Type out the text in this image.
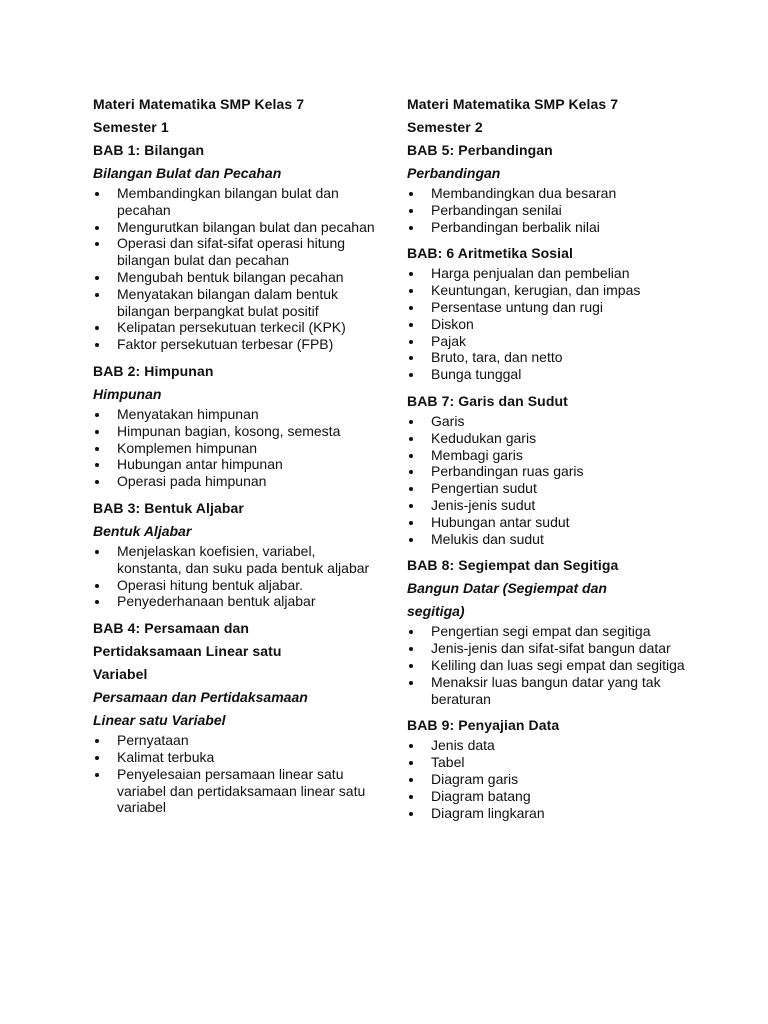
Materi Matematika SMP Kelas 7

Semester 1

BAB 1: Bilangan

Bilangan Bulat dan Pecahan

Membandingkan bilangan bulat dan pecahan
Mengurutkan bilangan bulat dan pecahan
Operasi dan sifat-sifat operasi hitung bilangan bulat dan pecahan
Mengubah bentuk bilangan pecahan
Menyatakan bilangan dalam bentuk bilangan berpangkat bulat positif
Kelipatan persekutuan terkecil (KPK)
Faktor persekutuan terbesar (FPB)

BAB 2: Himpunan

Himpunan

Menyatakan himpunan
Himpunan bagian, kosong, semesta
Komplemen himpunan
Hubungan antar himpunan
Operasi pada himpunan

BAB 3: Bentuk Aljabar

Bentuk Aljabar

Menjelaskan koefisien, variabel, konstanta, dan suku pada bentuk aljabar
Operasi hitung bentuk aljabar.
Penyederhanaan bentuk aljabar

BAB 4: Persamaan dan

Pertidaksamaan Linear satu

Variabel

Persamaan dan Pertidaksamaan

Linear satu Variabel

Pernyataan
Kalimat terbuka
Penyelesaian persamaan linear satu variabel dan pertidaksamaan linear satu variabel

Materi Matematika SMP Kelas 7

Semester 2

BAB 5: Perbandingan

Perbandingan

Membandingkan dua besaran
Perbandingan senilai
Perbandingan berbalik nilai

BAB: 6 Aritmetika Sosial

Harga penjualan dan pembelian
Keuntungan, kerugian, dan impas
Persentase untung dan rugi
Diskon
Pajak
Bruto, tara, dan netto
Bunga tunggal

BAB 7: Garis dan Sudut

Garis
Kedudukan garis
Membagi garis
Perbandingan ruas garis
Pengertian sudut
Jenis-jenis sudut
Hubungan antar sudut
Melukis dan sudut

BAB 8: Segiempat dan Segitiga

Bangun Datar (Segiempat dan

segitiga)

Pengertian segi empat dan segitiga
Jenis-jenis dan sifat-sifat bangun datar
Keliling dan luas segi empat dan segitiga
Menaksir luas bangun datar yang tak beraturan

BAB 9: Penyajian Data

Jenis data
Tabel
Diagram garis
Diagram batang
Diagram lingkaran
